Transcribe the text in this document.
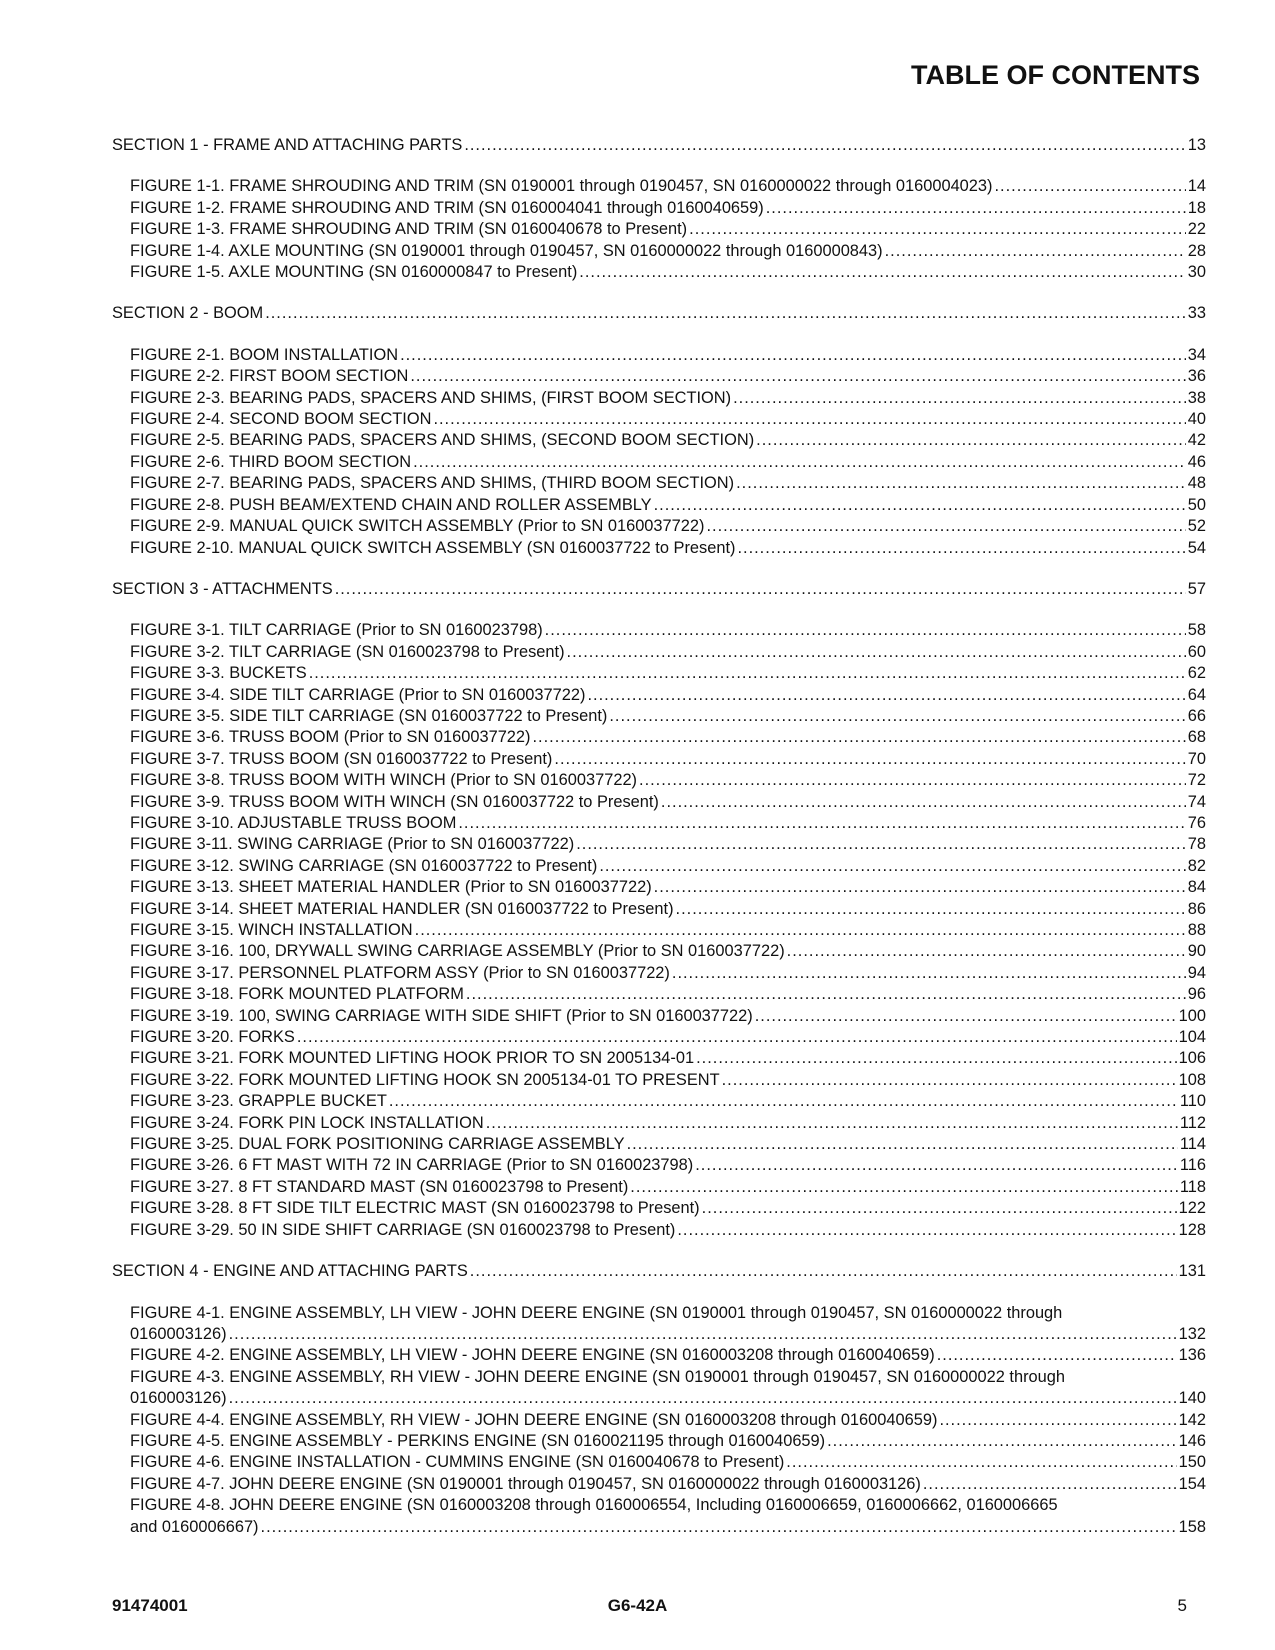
TABLE OF CONTENTS
SECTION 1 - FRAME AND ATTACHING PARTS .....	13
FIGURE 1-1. FRAME SHROUDING AND TRIM (SN 0190001 through 0190457, SN 0160000022 through 0160004023) .....	14
FIGURE 1-2. FRAME SHROUDING AND TRIM (SN 0160004041 through 0160040659) .....	18
FIGURE 1-3. FRAME SHROUDING AND TRIM (SN 0160040678 to Present) .....	22
FIGURE 1-4. AXLE MOUNTING (SN 0190001 through 0190457, SN 0160000022 through 0160000843) .....	28
FIGURE 1-5. AXLE MOUNTING (SN 0160000847 to Present) .....	30
SECTION 2 - BOOM .....	33
FIGURE 2-1. BOOM INSTALLATION .....	34
FIGURE 2-2. FIRST BOOM SECTION .....	36
FIGURE 2-3. BEARING PADS, SPACERS AND SHIMS, (FIRST BOOM SECTION) .....	38
FIGURE 2-4. SECOND BOOM SECTION .....	40
FIGURE 2-5. BEARING PADS, SPACERS AND SHIMS, (SECOND BOOM SECTION) .....	42
FIGURE 2-6. THIRD BOOM SECTION .....	46
FIGURE 2-7. BEARING PADS, SPACERS AND SHIMS, (THIRD BOOM SECTION) .....	48
FIGURE 2-8. PUSH BEAM/EXTEND CHAIN AND ROLLER ASSEMBLY .....	50
FIGURE 2-9. MANUAL QUICK SWITCH ASSEMBLY (Prior to SN 0160037722) .....	52
FIGURE 2-10. MANUAL QUICK SWITCH ASSEMBLY (SN 0160037722 to Present) .....	54
SECTION 3 - ATTACHMENTS .....	57
FIGURE 3-1. TILT CARRIAGE (Prior to SN 0160023798) .....	58
FIGURE 3-2. TILT CARRIAGE (SN 0160023798 to Present) .....	60
FIGURE 3-3. BUCKETS .....	62
FIGURE 3-4. SIDE TILT CARRIAGE (Prior to SN 0160037722) .....	64
FIGURE 3-5. SIDE TILT CARRIAGE (SN 0160037722 to Present) .....	66
FIGURE 3-6. TRUSS BOOM (Prior to SN 0160037722) .....	68
FIGURE 3-7. TRUSS BOOM (SN 0160037722 to Present) .....	70
FIGURE 3-8. TRUSS BOOM WITH WINCH (Prior to SN 0160037722) .....	72
FIGURE 3-9. TRUSS BOOM WITH WINCH (SN 0160037722 to Present) .....	74
FIGURE 3-10. ADJUSTABLE TRUSS BOOM .....	76
FIGURE 3-11. SWING CARRIAGE (Prior to SN 0160037722) .....	78
FIGURE 3-12. SWING CARRIAGE (SN 0160037722 to Present) .....	82
FIGURE 3-13. SHEET MATERIAL HANDLER (Prior to SN 0160037722) .....	84
FIGURE 3-14. SHEET MATERIAL HANDLER (SN 0160037722 to Present) .....	86
FIGURE 3-15. WINCH INSTALLATION .....	88
FIGURE 3-16. 100, DRYWALL SWING CARRIAGE ASSEMBLY (Prior to SN 0160037722) .....	90
FIGURE 3-17. PERSONNEL PLATFORM ASSY (Prior to SN 0160037722) .....	94
FIGURE 3-18. FORK MOUNTED PLATFORM .....	96
FIGURE 3-19. 100, SWING CARRIAGE WITH SIDE SHIFT (Prior to SN 0160037722) .....	100
FIGURE 3-20. FORKS .....	104
FIGURE 3-21. FORK MOUNTED LIFTING HOOK PRIOR TO SN 2005134-01 .....	106
FIGURE 3-22. FORK MOUNTED LIFTING HOOK SN 2005134-01 TO PRESENT .....	108
FIGURE 3-23. GRAPPLE BUCKET .....	110
FIGURE 3-24. FORK PIN LOCK INSTALLATION .....	112
FIGURE 3-25. DUAL FORK POSITIONING CARRIAGE ASSEMBLY .....	114
FIGURE 3-26. 6 FT MAST WITH 72 IN CARRIAGE (Prior to SN 0160023798) .....	116
FIGURE 3-27. 8 FT STANDARD MAST (SN 0160023798 to Present) .....	118
FIGURE 3-28. 8 FT SIDE TILT ELECTRIC MAST (SN 0160023798 to Present) .....	122
FIGURE 3-29. 50 IN SIDE SHIFT CARRIAGE (SN 0160023798 to Present) .....	128
SECTION 4 - ENGINE AND ATTACHING PARTS .....	131
FIGURE 4-1. ENGINE ASSEMBLY, LH VIEW - JOHN DEERE ENGINE (SN 0190001 through 0190457, SN 0160000022 through
0160003126) .....	132
FIGURE 4-2. ENGINE ASSEMBLY, LH VIEW - JOHN DEERE ENGINE (SN 0160003208 through 0160040659) .....	136
FIGURE 4-3. ENGINE ASSEMBLY, RH VIEW - JOHN DEERE ENGINE (SN 0190001 through 0190457, SN 0160000022 through
0160003126) .....	140
FIGURE 4-4. ENGINE ASSEMBLY, RH VIEW - JOHN DEERE ENGINE (SN 0160003208 through 0160040659) .....	142
FIGURE 4-5. ENGINE ASSEMBLY - PERKINS ENGINE (SN 0160021195 through 0160040659) .....	146
FIGURE 4-6. ENGINE INSTALLATION - CUMMINS ENGINE (SN 0160040678 to Present) .....	150
FIGURE 4-7. JOHN DEERE ENGINE (SN 0190001 through 0190457, SN 0160000022 through 0160003126) .....	154
FIGURE 4-8. JOHN DEERE ENGINE (SN 0160003208 through 0160006554, Including 0160006659, 0160006662, 0160006665
and 0160006667) .....	158
91474001	G6-42A	5
